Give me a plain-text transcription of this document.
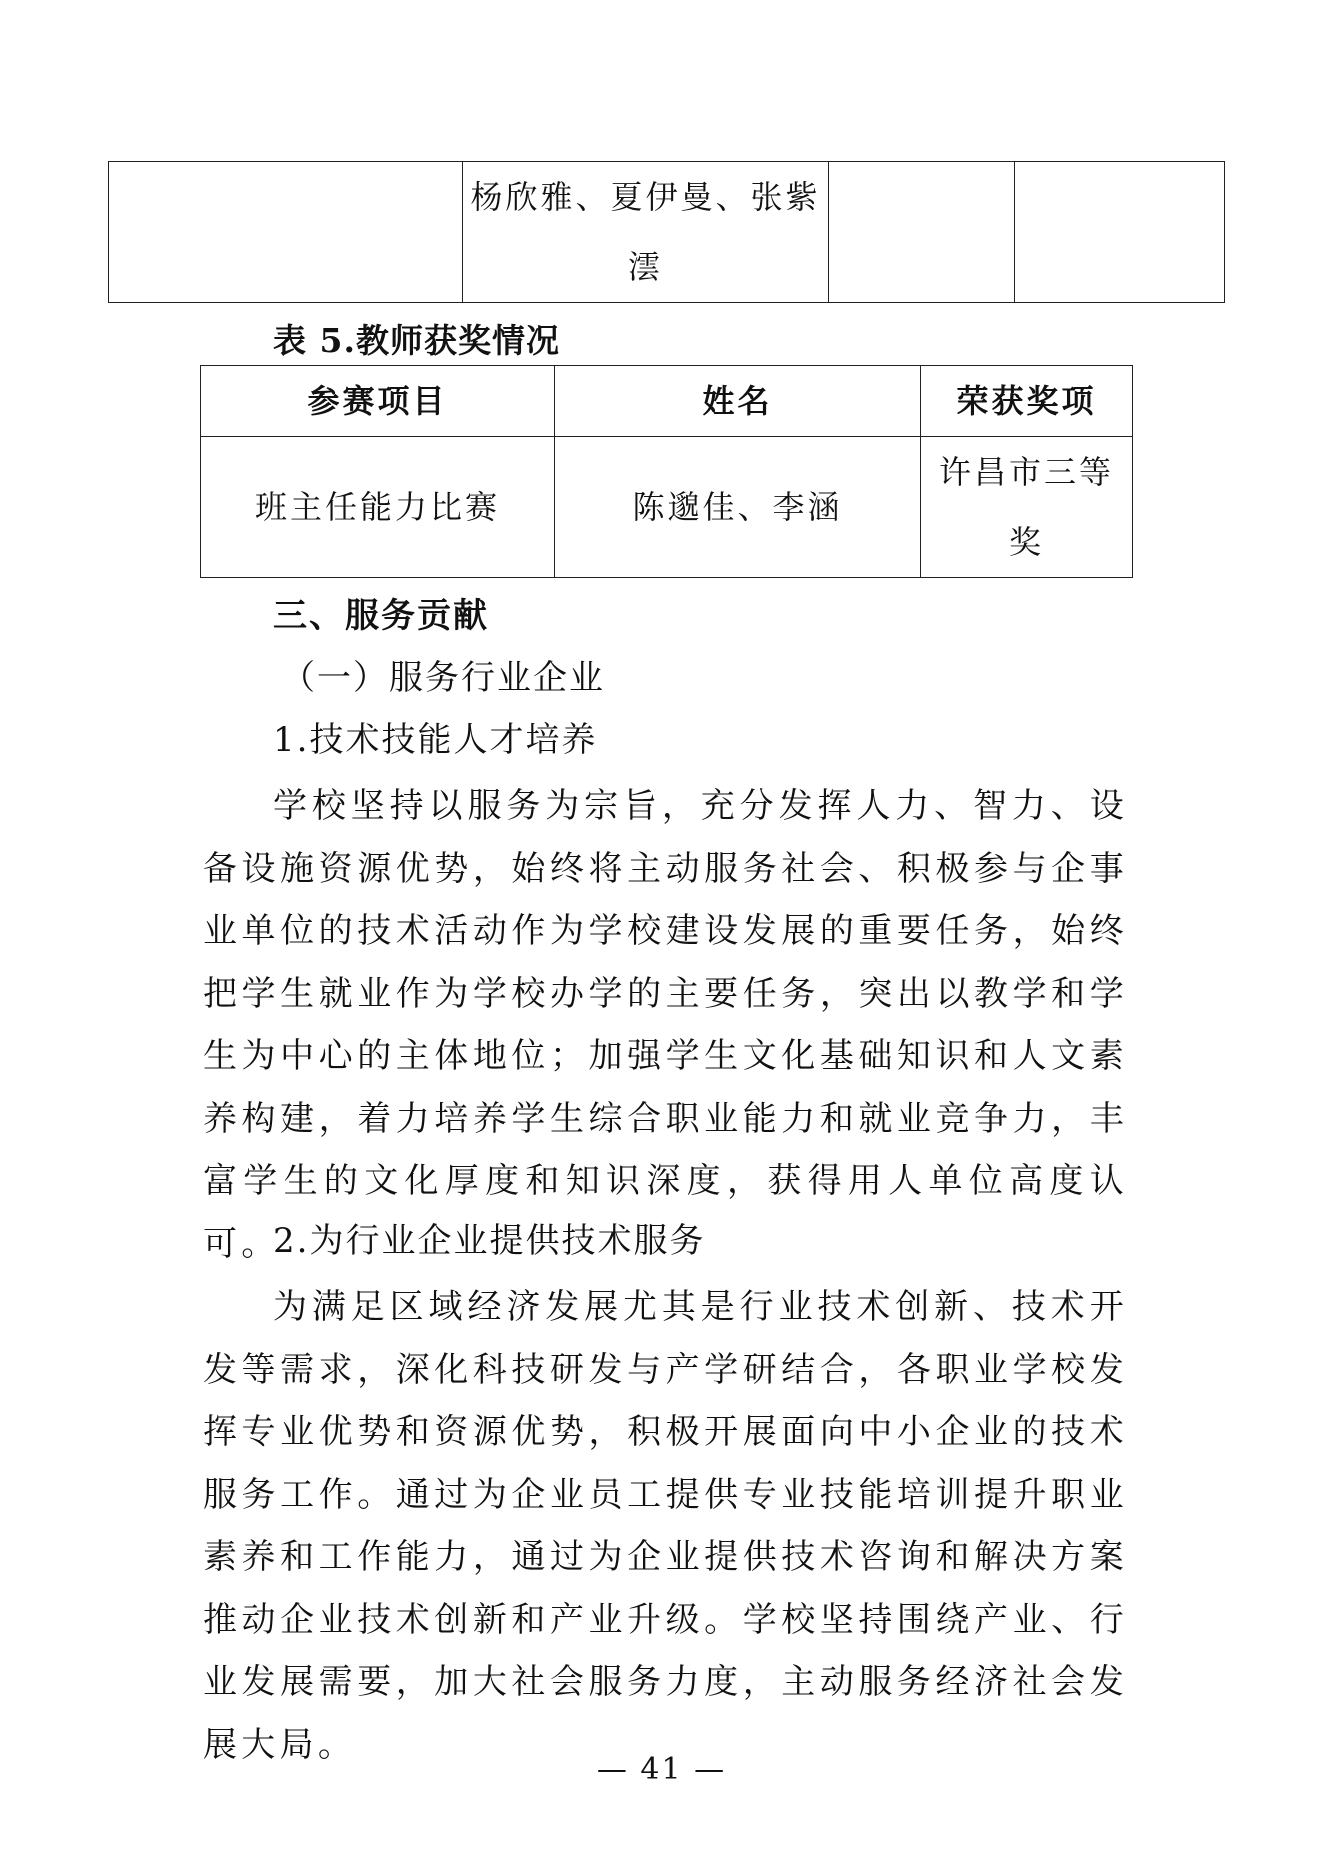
	杨欣雅、夏伊曼、张紫澐		
表 5.教师获奖情况
参赛项目	姓名	荣获奖项
班主任能力比赛	陈邈佳、李涵	许昌市三等奖
三、服务贡献
（一）服务行业企业
1.技术技能人才培养

学校坚持以服务为宗旨，充分发挥人力、智力、设备设施资源优势，始终将主动服务社会、积极参与企事业单位的技术活动作为学校建设发展的重要任务，始终把学生就业作为学校办学的主要任务，突出以教学和学生为中心的主体地位；加强学生文化基础知识和人文素养构建，着力培养学生综合职业能力和就业竞争力，丰富学生的文化厚度和知识深度，获得用人单位高度认可。

2.为行业企业提供技术服务

为满足区域经济发展尤其是行业技术创新、技术开发等需求，深化科技研发与产学研结合，各职业学校发挥专业优势和资源优势，积极开展面向中小企业的技术服务工作。通过为企业员工提供专业技能培训提升职业素养和工作能力，通过为企业提供技术咨询和解决方案推动企业技术创新和产业升级。学校坚持围绕产业、行业发展需要，加大社会服务力度，主动服务经济社会发展大局。

— 41 —
